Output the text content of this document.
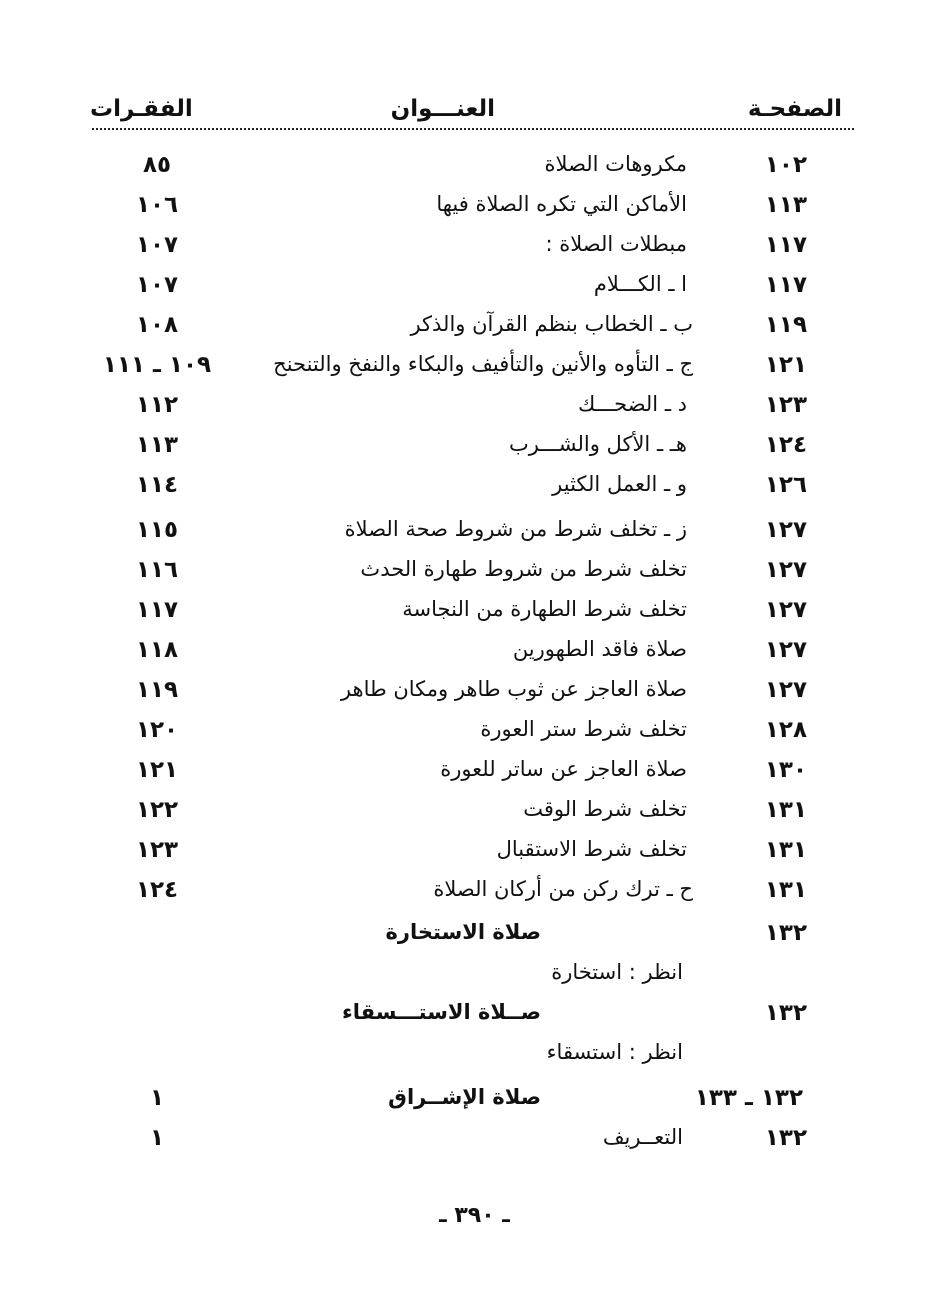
الصفحـة
العنـــوان
الفقـرات
١٠٢
مكروهات الصلاة
٨٥
١١٣
الأماكن التي تكره الصلاة فيها
١٠٦
١١٧
مبطلات الصلاة :
١٠٧
١١٧
ا ـ الكـــلام
١٠٧
١١٩
ب ـ الخطاب بنظم القرآن والذكر
١٠٨
١٢١
ج ـ التأوه والأنين والتأفيف والبكاء والنفخ والتنحنح
١٠٩ ـ ١١١
١٢٣
د ـ الضحـــك
١١٢
١٢٤
هـ ـ الأكل والشـــرب
١١٣
١٢٦
و ـ العمل الكثير
١١٤
١٢٧
ز ـ تخلف شرط من شروط صحة الصلاة
١١٥
١٢٧
تخلف شرط من شروط طهارة الحدث
١١٦
١٢٧
تخلف شرط الطهارة من النجاسة
١١٧
١٢٧
صلاة فاقد الطهورين
١١٨
١٢٧
صلاة العاجز عن ثوب طاهر ومكان طاهر
١١٩
١٢٨
تخلف شرط ستر العورة
١٢٠
١٣٠
صلاة العاجز عن ساتر للعورة
١٢١
١٣١
تخلف شرط الوقت
١٢٢
١٣١
تخلف شرط الاستقبال
١٢٣
١٣١
ح ـ ترك ركن من أركان الصلاة
١٢٤
١٣٢
صلاة الاستخارة
انظر : استخارة
١٣٢
صــلاة الاستـــسقاء
انظر : استسقاء
١٣٢ ـ ١٣٣
صلاة الإشــراق
١
١٣٢
التعــريف
١
ـ ٣٩٠ ـ
